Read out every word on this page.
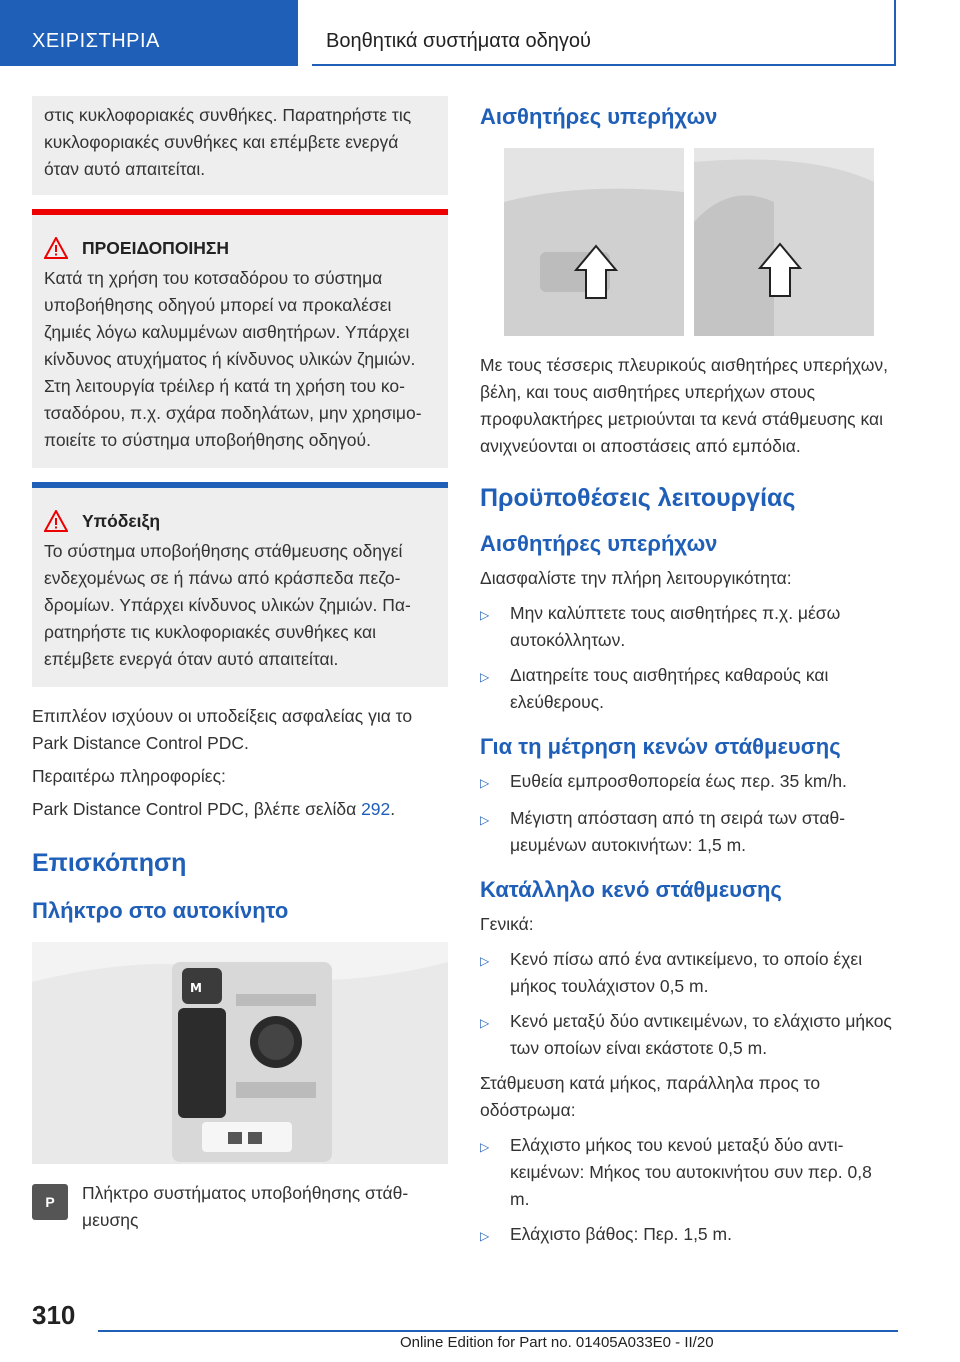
ΧΕΙΡΙΣΤΗΡΙΑ	Βοηθητικά συστήματα οδηγού
στις κυκλοφοριακές συνθήκες. Παρατηρήστε τις κυκλοφοριακές συνθήκες και επέμβετε ενεργά όταν αυτό απαιτείται.
ΠΡΟΕΙΔΟΠΟΙΗΣΗ
Κατά τη χρήση του κοτσαδόρου το σύστημα υποβοήθησης οδηγού μπορεί να προκαλέσει ζημιές λόγω καλυμμένων αισθητήρων. Υπάρχει κίνδυνος ατυχήματος ή κίνδυνος υλικών ζημιών. Στη λειτουργία τρέιλερ ή κατά τη χρήση του κοτσαδόρου, π.χ. σχάρα ποδηλάτων, μην χρησιμοποιείτε το σύστημα υποβοήθησης οδηγού.
Υπόδειξη
Το σύστημα υποβοήθησης στάθμευσης οδηγεί ενδεχομένως σε ή πάνω από κράσπεδα πεζοδρομίων. Υπάρχει κίνδυνος υλικών ζημιών. Παρατηρήστε τις κυκλοφοριακές συνθήκες και επέμβετε ενεργά όταν αυτό απαιτείται.
Επιπλέον ισχύουν οι υποδείξεις ασφαλείας για το Park Distance Control PDC.
Περαιτέρω πληροφορίες:
Park Distance Control PDC, βλέπε σελίδα 292.
Επισκόπηση
Πλήκτρο στο αυτοκίνητο
M
P	Πλήκτρο συστήματος υποβοήθησης στάθμευσης
Αισθητήρες υπερήχων
Με τους τέσσερις πλευρικούς αισθητήρες υπερήχων, βέλη, και τους αισθητήρες υπερήχων στους προφυλακτήρες μετριούνται τα κενά στάθμευσης και ανιχνεύονται οι αποστάσεις από εμπόδια.
Προϋποθέσεις λειτουργίας
Αισθητήρες υπερήχων
Διασφαλίστε την πλήρη λειτουργικότητα:
▷	Μην καλύπτετε τους αισθητήρες π.χ. μέσω αυτοκόλλητων.
▷	Διατηρείτε τους αισθητήρες καθαρούς και ελεύθερους.
Για τη μέτρηση κενών στάθμευσης
▷	Ευθεία εμπροσθοπορεία έως περ. 35 km/h.
▷	Μέγιστη απόσταση από τη σειρά των σταθμευμένων αυτοκινήτων: 1,5 m.
Κατάλληλο κενό στάθμευσης
Γενικά:
▷	Κενό πίσω από ένα αντικείμενο, το οποίο έχει μήκος τουλάχιστον 0,5 m.
▷	Κενό μεταξύ δύο αντικειμένων, το ελάχιστο μήκος των οποίων είναι εκάστοτε 0,5 m.
Στάθμευση κατά μήκος, παράλληλα προς το οδόστρωμα:
▷	Ελάχιστο μήκος του κενού μεταξύ δύο αντικειμένων: Μήκος του αυτοκινήτου συν περ. 0,8 m.
▷	Ελάχιστο βάθος: Περ. 1,5 m.
310
Online Edition for Part no. 01405A033E0 - II/20
